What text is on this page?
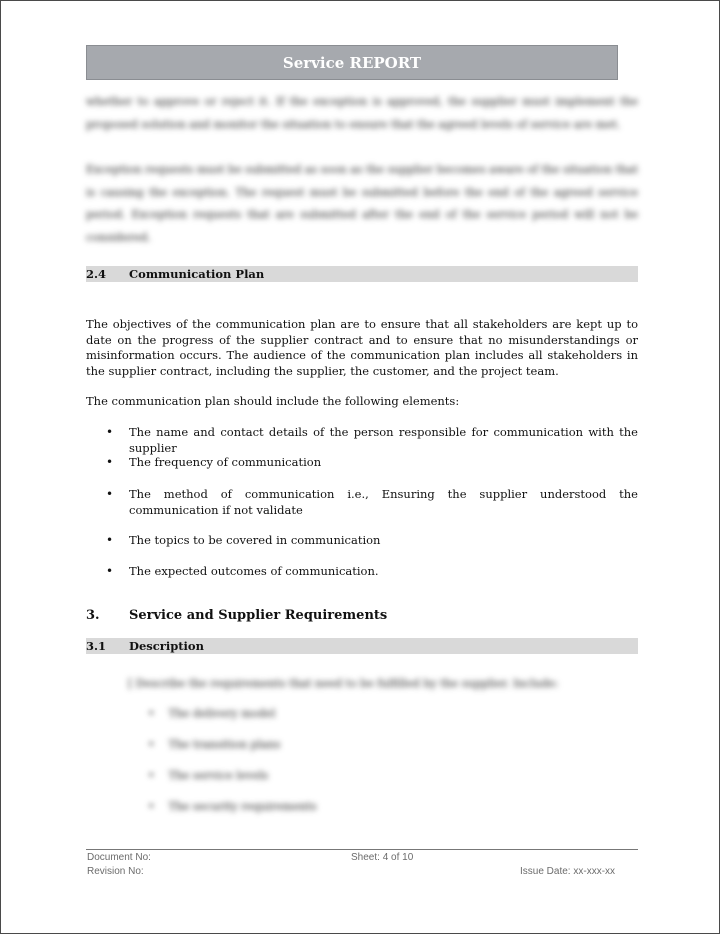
Service REPORT
whether to approve or reject it. If the exception is approved, the supplier must implement the proposed solution and monitor the situation to ensure that the agreed levels of service are met.
Exception requests must be submitted as soon as the supplier becomes aware of the situation that is causing the exception. The request must be submitted before the end of the agreed service period. Exception requests that are submitted after the end of the service period will not be considered.
2.4 Communication Plan
The objectives of the communication plan are to ensure that all stakeholders are kept up to date on the progress of the supplier contract and to ensure that no misunderstandings or misinformation occurs. The audience of the communication plan includes all stakeholders in the supplier contract, including the supplier, the customer, and the project team.
The communication plan should include the following elements:
• The name and contact details of the person responsible for communication with the supplier
• The frequency of communication
• The method of communication i.e., Ensuring the supplier understood the communication if not validate
• The topics to be covered in communication
• The expected outcomes of communication.
3. Service and Supplier Requirements
3.1 Description
[ Describe the requirements that need to be fulfilled by the supplier. Include:
• The delivery model
• The transition plans
• The service levels
• The security requirements
Document No:
Revision No:
Sheet: 4 of 10
Issue Date: xx-xxx-xx
